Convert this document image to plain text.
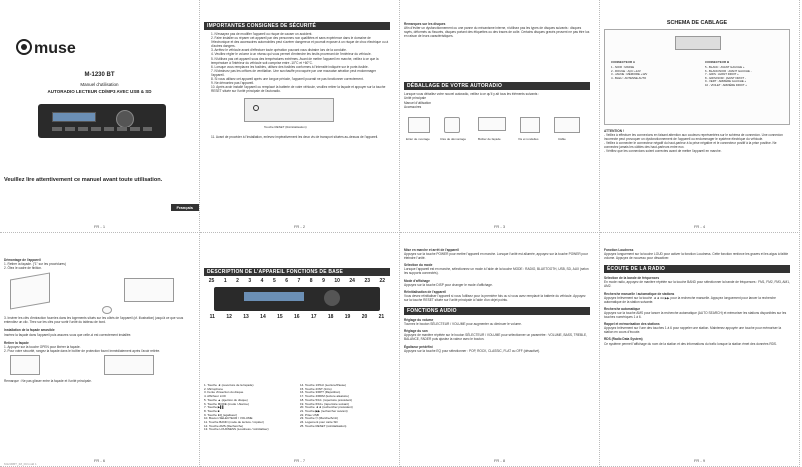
muse
M-1230 BT
Manuel d'utilisation
AUTORADIO LECTEUR CD/MP3 AVEC USB & SD
Veuillez lire attentivement ce manuel avant toute utilisation.
Français
FR - 1
IMPORTANTES CONSIGNES DE SÉCURITÉ
1. N'essayez pas de modifier l'appareil ou risque de causer un accident.
2. Faire installer ou réparer cet appareil par des personnes non qualifiées et sans expérience dans le domaine de l'électronique et des accessoires automobiles peut s'avérer dangereux et pourrait exposer à un risque de choc électrique ou à d'autres dangers.
3. Arrêtez le véhicule avant d'effectuer toute opération pouvant vous distraire lors de la conduite.
4. Veuillez régler le volume à un niveau qui vous permet d'entendre les bruits provenant de l'extérieur du véhicule.
5. N'utilisez pas cet appareil sous des températures extrêmes. Avant de mettre l'appareil en marche, veillez à ce que la température à l'intérieur du véhicule soit comprise entre -10°C et +60°C.
6. Lorsque vous remplacez les fusibles, utilisez des fusibles conformes à l'intensité indiquée sur le porte-fusible.
7. N'obstruez pas les orifices de ventilation. Une surchauffe provoquée par une mauvaise aération peut endommager l'appareil.
8. Si vous utilisez cet appareil après une longue période, l'appareil pourrait ne pas fonctionner correctement.
9. Ne démontez pas l'appareil.
10. Après avoir installé l'appareil ou remplacé la batterie de votre véhicule, veuillez retirer la façade et appuyer sur la touche RESET située sur l'unité principale de l'autoradio.
Touche RESET (Réinitialisation)
11. Avant de procéder à l'installation, enlevez impérativement les deux vis de transport situées au-dessus de l'appareil.
FR - 2
Remarques sur les disques
Afin d'éviter un dysfonctionnement ou une panne du mécanisme interne, n'utilisez pas les types de disques suivants : disques rayés, déformés ou fissurés, disques portant des étiquettes ou des traces de colle. Certains disques gravés peuvent ne pas être lus en raison de leurs caractéristiques.
DÉBALLAGE DE VOTRE AUTORADIO
Lorsque vous déballez votre nouvel autoradio, veillez à ce qu'il y ait tous les éléments suivants :
Unité principale
Manuel d'utilisation
Accessoires
Etrier de montage	Clés de démontage	Boîtier de façade	Vis et rondelles	Câble
FR - 3
SCHEMA DE CABLAGE
CONNECTEUR A	CONNECTEUR B
1 - NOIR : MASSE
2 - ROUGE : ACC +12V
3 - JAUNE : MÉMOIRE +12V
4 - BLEU : ANTENNE AUTO
5 - BLANC : AVANT GAUCHE +
6 - BLANC/NOIR : AVANT GAUCHE -
7 - GRIS : AVANT DROIT +
8 - GRIS/NOIR : AVANT DROIT -
9 - VERT : ARRIÈRE GAUCHE +
10 - VIOLET : ARRIÈRE DROIT +
ATTENTION !
- Veillez à effectuer les connexions en faisant attention aux couleurs représentées sur le schéma de connexion. Une connexion incorrecte peut provoquer un dysfonctionnement de l'appareil ou endommager le système électrique du véhicule.
- Veillez à connecter le connecteur négatif du haut-parleur à la prise négative et le connecteur positif à la prise positive. Ne connectez jamais les câbles des haut-parleurs entre eux.
- Vérifiez que les connexions soient correctes avant de mettre l'appareil en marche.
FR - 4
Démontage de l'appareil
1. Retirer la façade. ("1" sur les procédures)
2. Ôtez le cadre de finition.
3. Insérer les clés d'extraction fournies dans les logements situés sur les côtés de l'appareil (cf. illustration) jusqu'à ce que vous entendiez un clic. Tirez sur les clés pour sortir l'unité du tableau de bord.
Installation de la façade amovible
Insérez la façade dans l'appareil puis assurez-vous que celle-ci est correctement installée.
Retirer la façade
1. Appuyez sur la touche OPEN pour libérer la façade.
2. Pour votre sécurité, rangez la façade dans le boîtier de protection fourni immédiatement après l'avoir retirée.
Remarque : Ne pas glisser entre la façade et l'unité principale.
FR - 6
DESCRIPTION DE L'APPAREIL FONCTIONS DE BASE
25 1 2 3 4 5 6 7 8 9 10 24 23 22
11 12 13 14 15 16 17 18 19 20 21
1. Touche ◄ (ouverture de la façade)
2. Microphone
3. Fente d'insertion du disque
4. Afficheur LCD
5. Touche ▲ (éjection du disque)
6. Touche MODE (mode / Alarme)
7. Touche ▶▌▌
8. Touche ■
9. Touche EQ (égaliseur)
10. Bouton SÉLECTEUR / VOLUME
11. Touche BAND (mode de lecture / répéter)
12. Touche AMS (Recherche)
13. Touche LOUDNESS (Loudness / réinitialiser)
14. Touche 1/PAU (Lecture/Pause)
15. Touche 2/INT (Intro)
16. Touche 3/RPT (Répétition)
17. Touche 4/RDM (lecture aléatoire)
18. Touche 5/10- (répertoire précédent)
19. Touche 6/10+ (répertoire suivant)
20. Touche ◄◄ (rechercher précédent)
21. Touche ▶▶ (rechercher suivant)
22. Prise USB
23. Touche ⏻ (Marche/Arrêt)
24. Logement pour carte SD
25. Touche RESET (réinitialisation)
FR - 7
Mise en marche et arrêt de l'appareil
Appuyez sur la touche POWER pour mettre l'appareil en marche. Lorsque l'unité est allumée, appuyez sur la touche POWER pour éteindre l'unité.
Sélection du mode
Lorsque l'appareil est en marche, sélectionnez un mode à l'aide de la touche MODE : RADIO, BLUETOOTH, USB, SD, AUX (selon les supports connectés).
Mode d'affichage
Appuyez sur la touche DISP pour changer le mode d'affichage.
Réinitialisation de l'appareil
Vous devez réinitialiser l'appareil si vous l'utilisez pour la première fois ou si vous avez remplacé la batterie du véhicule. Appuyez sur la touche RESET située sur l'unité principale à l'aide d'un objet pointu.
FONCTIONS AUDIO
Réglage du volume
Tournez le bouton SÉLECTEUR / VOLUME pour augmenter ou diminuer le volume.
Réglage du son
Appuyez de manière répétée sur le bouton SÉLECTEUR / VOLUME pour sélectionner un paramètre : VOLUME, BASS, TREBLE, BALANCE, FADER puis ajustez la valeur avec le bouton.
Égaliseur prédéfini
Appuyez sur la touche EQ pour sélectionner : POP, ROCK, CLASSIC, FLAT ou OFF (désactivé).
FR - 8
Fonction Loudness
Appuyez longuement sur la touche LOUD pour activer la fonction Loudness. Cette fonction renforce les graves et les aigus à faible volume. Appuyez de nouveau pour désactiver.
ÉCOUTE DE LA RADIO
Sélection de la bande de fréquences
En mode radio, appuyez de manière répétée sur la touche BAND pour sélectionner la bande de fréquences : FM1, FM2, FM3, AM1, AM2.
Recherche manuelle / automatique de stations
Appuyez brièvement sur la touche ◄◄ ou ▶▶ pour la recherche manuelle. Appuyez longuement pour lancer la recherche automatique de la station suivante.
Recherche automatique
Appuyez sur la touche AMS pour lancer la recherche automatique (AUTO SEARCH) et mémoriser les stations disponibles sur les touches numériques 1 à 6.
Rappel et mémorisation des stations
Appuyez brièvement sur l'une des touches 1 à 6 pour rappeler une station. Maintenez appuyée une touche pour mémoriser la station en cours d'écoute.
RDS (Radio Data System)
Ce système permet l'affichage du nom de la station et des informations du trafic lorsque la station émet des données RDS.
FR - 9
M1230BT_IM_FR.indd 1
